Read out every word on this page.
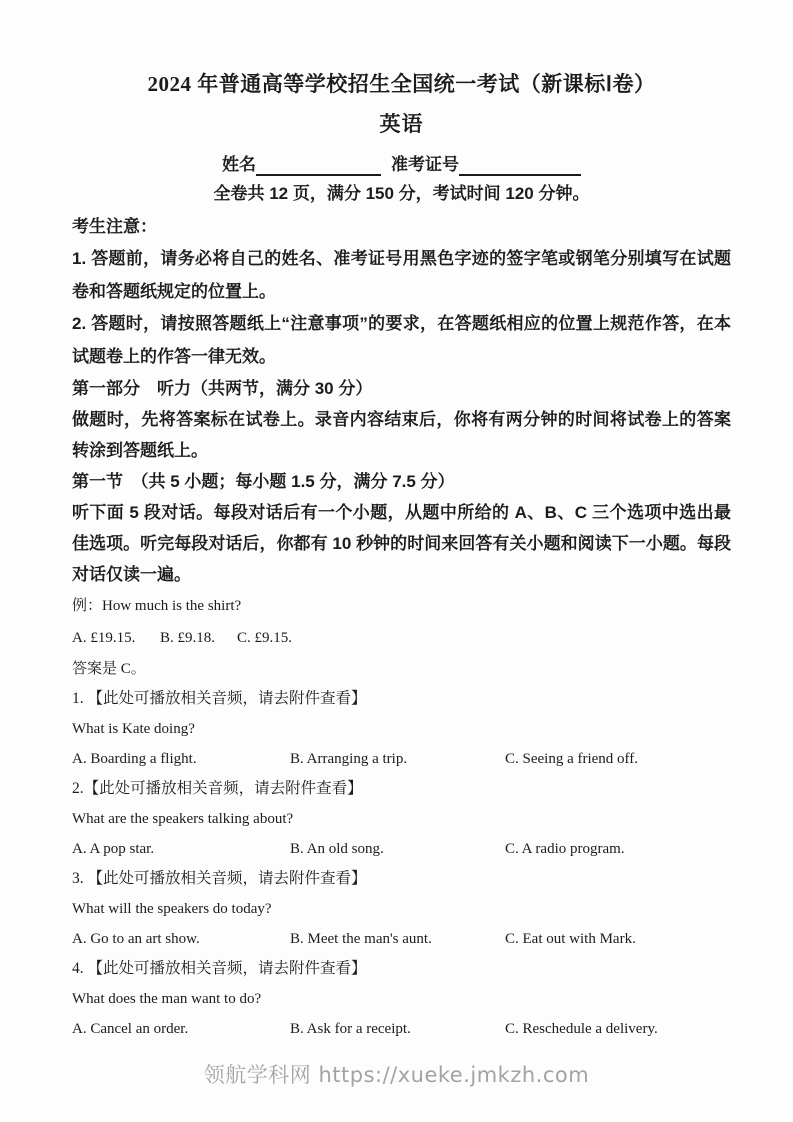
2024 年普通高等学校招生全国统一考试（新课标Ⅰ卷）
英语
姓名	准考证号
全卷共 12 页，满分 150 分，考试时间 120 分钟。
考生注意：

1. 答题前，请务必将自己的姓名、准考证号用黑色字迹的签字笔或钢笔分别填写在试题卷和答题纸规定的位置上。

2. 答题时，请按照答题纸上“注意事项”的要求，在答题纸相应的位置上规范作答，在本试题卷上的作答一律无效。

第一部分　听力（共两节，满分 30 分）

做题时，先将答案标在试卷上。录音内容结束后，你将有两分钟的时间将试卷上的答案转涂到答题纸上。

第一节　（共 5 小题；每小题 1.5 分，满分 7.5 分）

听下面 5 段对话。每段对话后有一个小题，从题中所给的 A、B、C 三个选项中选出最佳选项。听完每段对话后，你都有 10 秒钟的时间来回答有关小题和阅读下一小题。每段对话仅读一遍。

例：How much is the shirt?
A. £19.15.	B. £9.18.	C. £9.15.
答案是 C。
1. 【此处可播放相关音频，请去附件查看】
What is Kate doing?
A. Boarding a flight.	B. Arranging a trip.	C. Seeing a friend off.
2.【此处可播放相关音频，请去附件查看】
What are the speakers talking about?
A. A pop star.	B. An old song.	C. A radio program.
3. 【此处可播放相关音频，请去附件查看】
What will the speakers do today?
A. Go to an art show.	B. Meet the man's aunt.	C. Eat out with Mark.
4. 【此处可播放相关音频，请去附件查看】
What does the man want to do?
A. Cancel an order.	B. Ask for a receipt.	C. Reschedule a delivery.
领航学科网 https://xueke.jmkzh.com
